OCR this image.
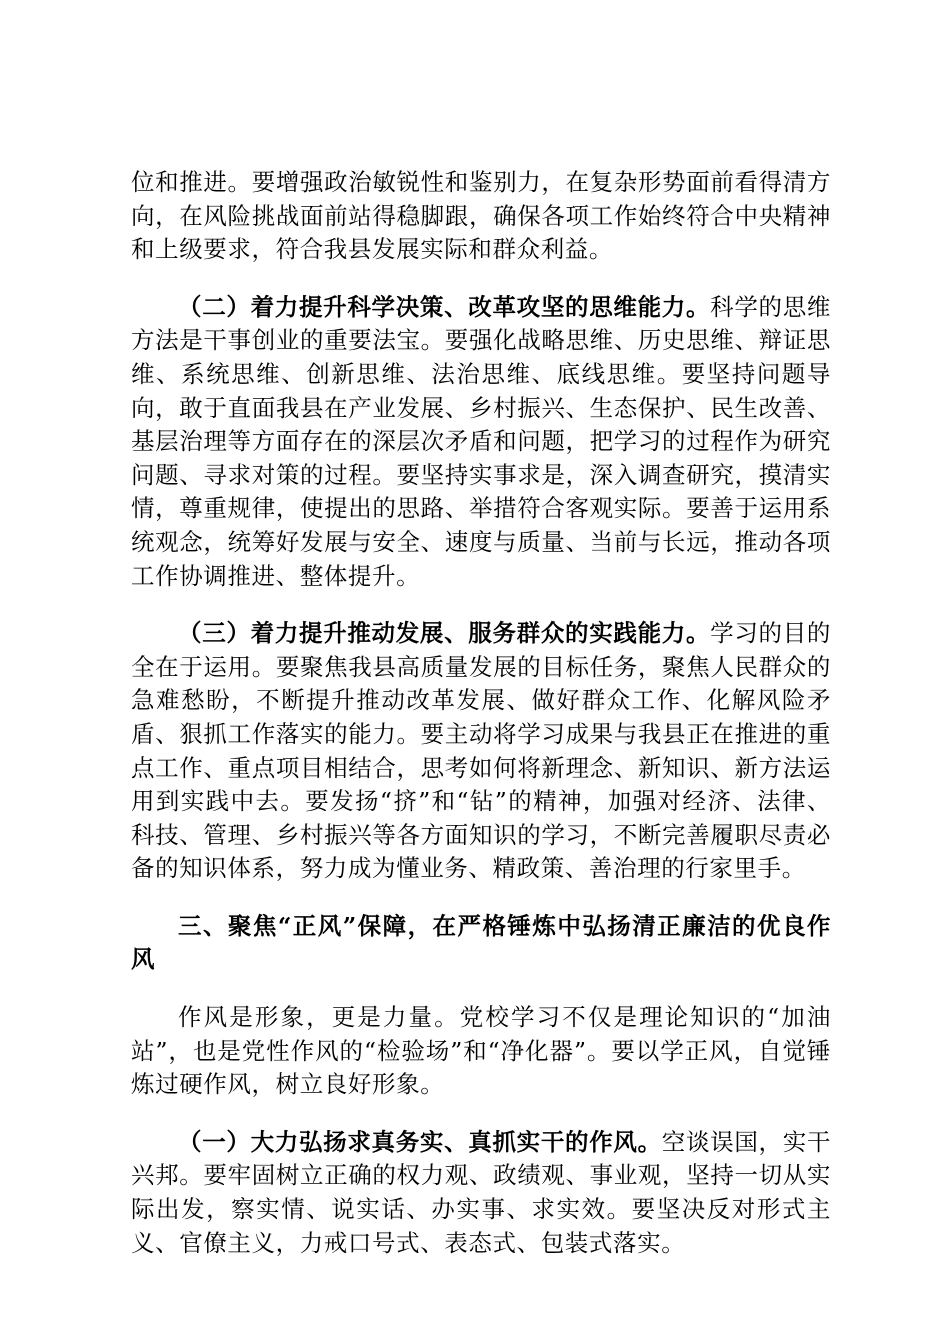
位和推进。要增强政治敏锐性和鉴别力，在复杂形势面前看得清方向，在风险挑战面前站得稳脚跟，确保各项工作始终符合中央精神和上级要求，符合我县发展实际和群众利益。

（二）着力提升科学决策、改革攻坚的思维能力。科学的思维方法是干事创业的重要法宝。要强化战略思维、历史思维、辩证思维、系统思维、创新思维、法治思维、底线思维。要坚持问题导向，敢于直面我县在产业发展、乡村振兴、生态保护、民生改善、基层治理等方面存在的深层次矛盾和问题，把学习的过程作为研究问题、寻求对策的过程。要坚持实事求是，深入调查研究，摸清实情，尊重规律，使提出的思路、举措符合客观实际。要善于运用系统观念，统筹好发展与安全、速度与质量、当前与长远，推动各项工作协调推进、整体提升。

（三）着力提升推动发展、服务群众的实践能力。学习的目的全在于运用。要聚焦我县高质量发展的目标任务，聚焦人民群众的急难愁盼，不断提升推动改革发展、做好群众工作、化解风险矛盾、狠抓工作落实的能力。要主动将学习成果与我县正在推进的重点工作、重点项目相结合，思考如何将新理念、新知识、新方法运用到实践中去。要发扬“挤”和“钻”的精神，加强对经济、法律、科技、管理、乡村振兴等各方面知识的学习，不断完善履职尽责必备的知识体系，努力成为懂业务、精政策、善治理的行家里手。

三、聚焦“正风”保障，在严格锤炼中弘扬清正廉洁的优良作风

作风是形象，更是力量。党校学习不仅是理论知识的“加油站”，也是党性作风的“检验场”和“净化器”。要以学正风，自觉锤炼过硬作风，树立良好形象。

（一）大力弘扬求真务实、真抓实干的作风。空谈误国，实干兴邦。要牢固树立正确的权力观、政绩观、事业观，坚持一切从实际出发，察实情、说实话、办实事、求实效。要坚决反对形式主义、官僚主义，力戒口号式、表态式、包装式落实。
